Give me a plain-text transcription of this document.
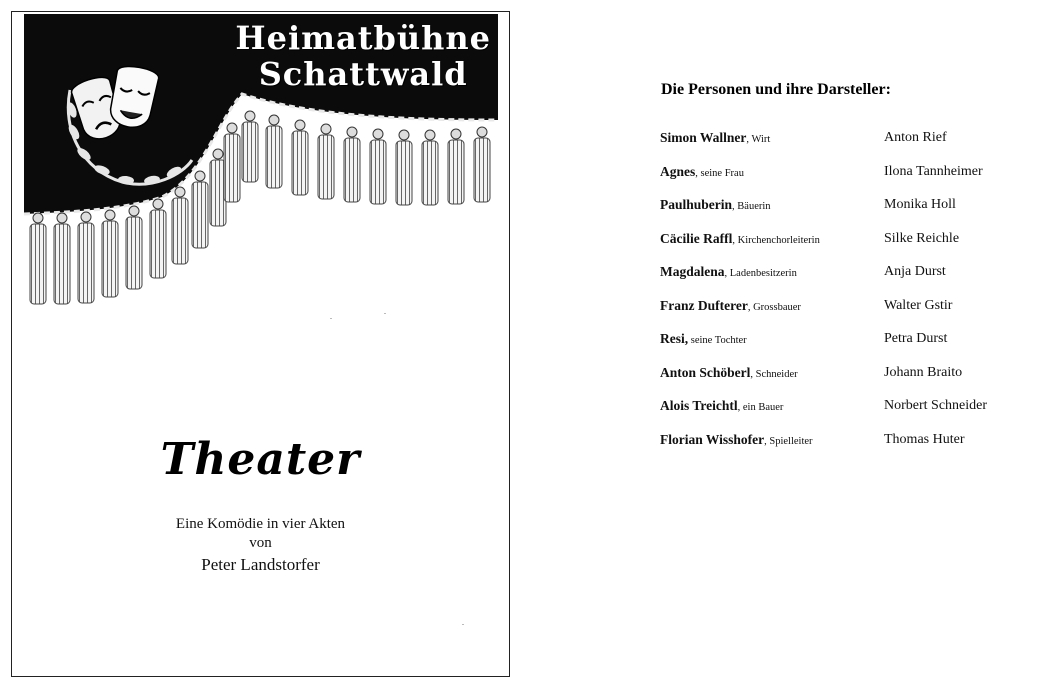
Heimatbühne
Schattwald
Theater
Eine Komödie in vier Akten
von
Peter Landstorfer
Die Personen und ihre Darsteller:
Simon Wallner, Wirt	Anton Rief
Agnes, seine Frau	Ilona Tannheimer
Paulhuberin, Bäuerin	Monika Holl
Cäcilie Raffl, Kirchenchorleiterin	Silke Reichle
Magdalena, Ladenbesitzerin	Anja Durst
Franz Dufterer, Grossbauer	Walter Gstir
Resi, seine Tochter	Petra Durst
Anton Schöberl, Schneider	Johann Braito
Alois Treichtl, ein Bauer	Norbert Schneider
Florian Wisshofer, Spielleiter	Thomas Huter
